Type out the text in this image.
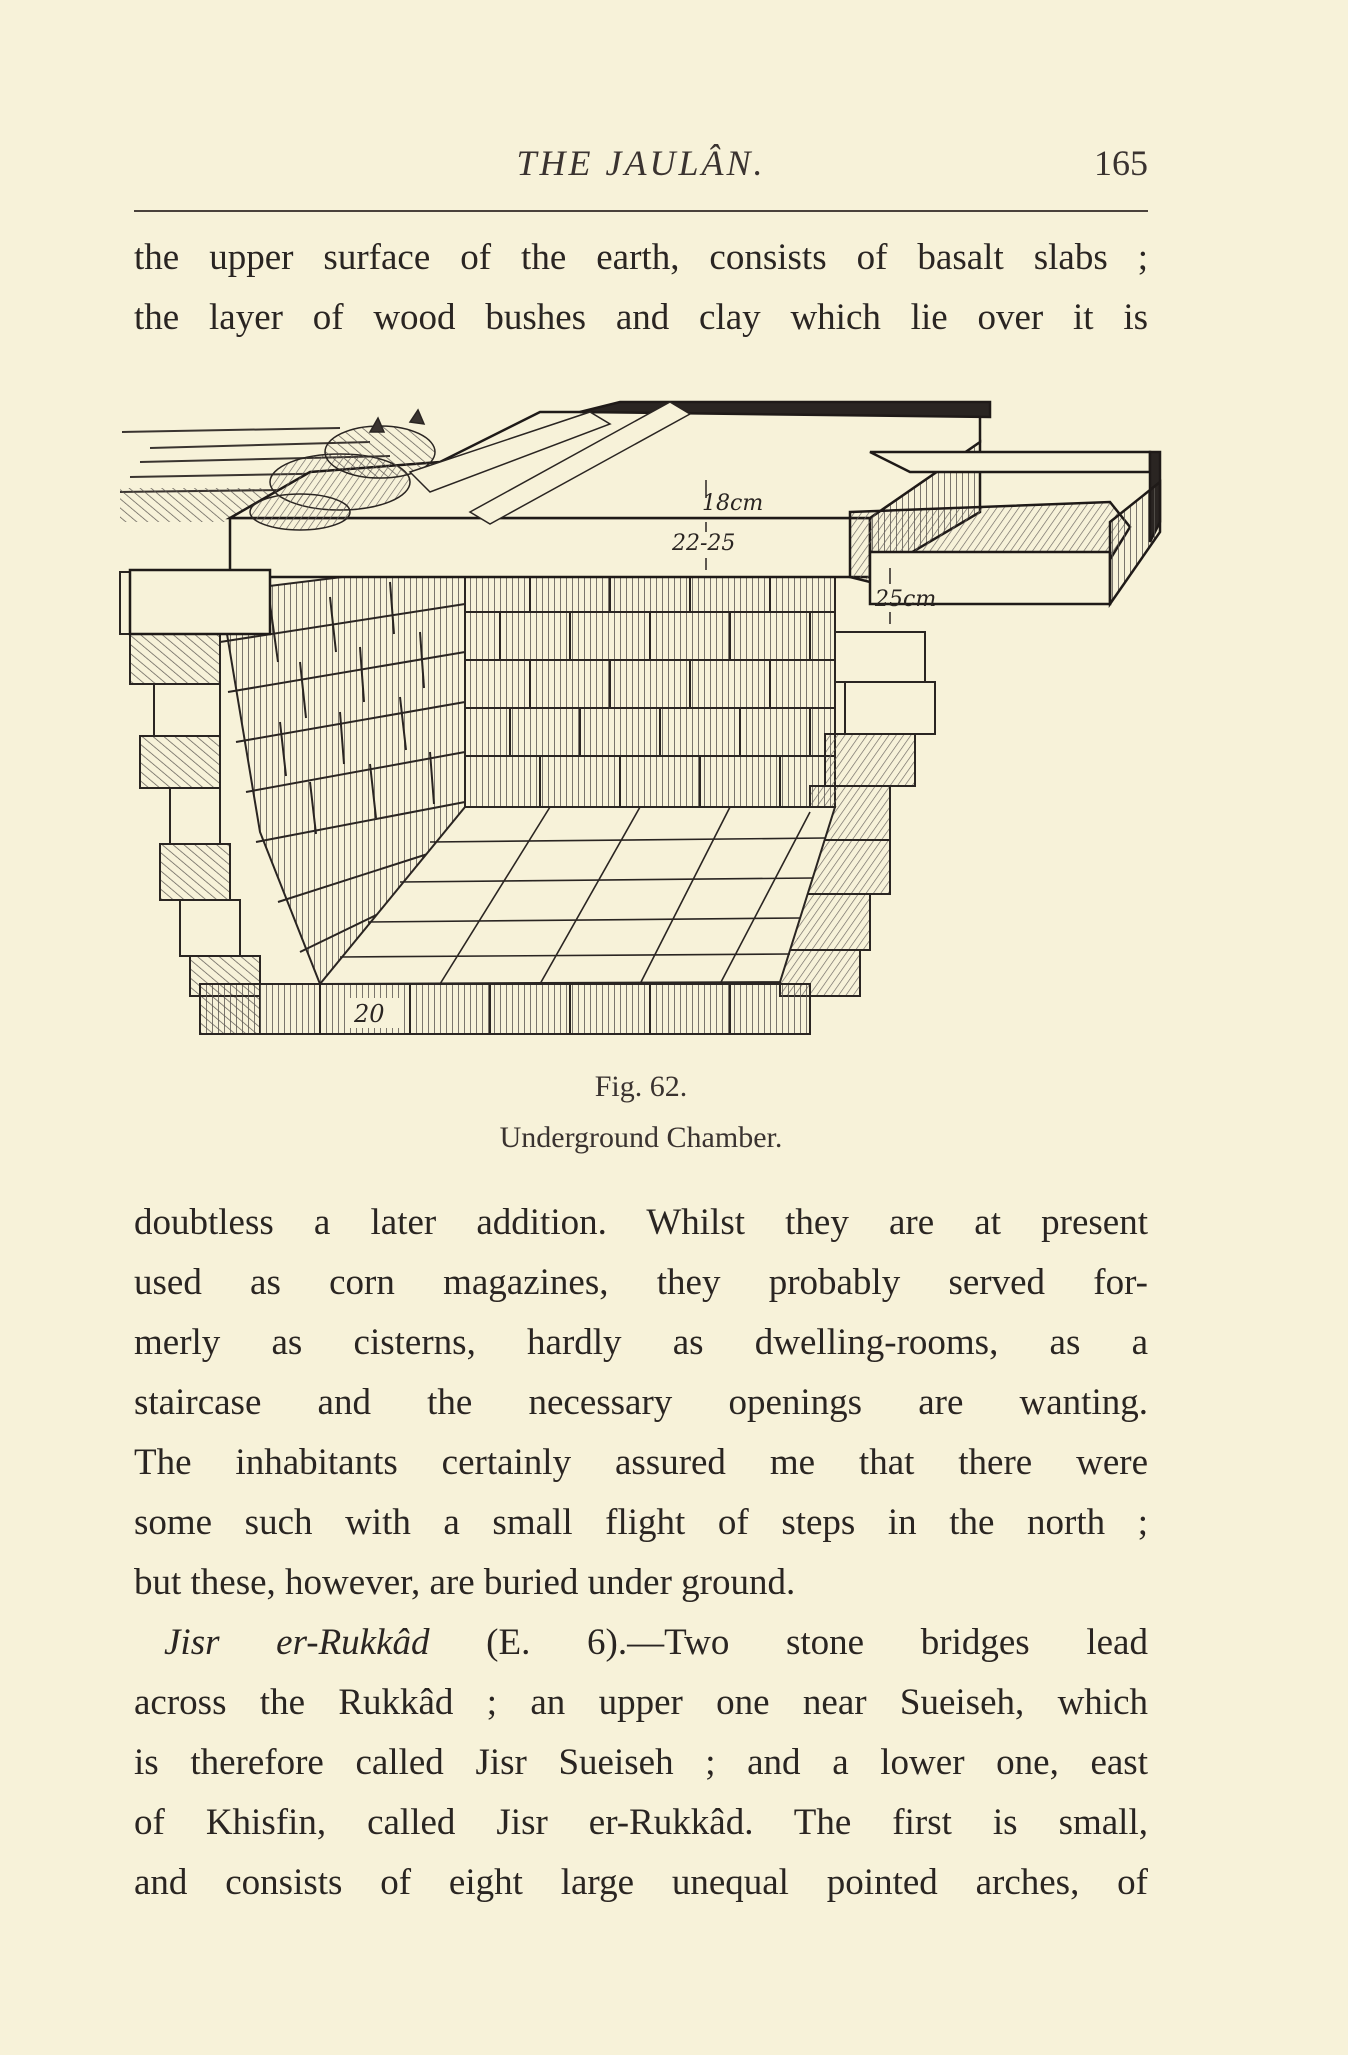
THE JAULÂN.	165
the upper surface of the earth, consists of basalt slabs ;
the layer of wood bushes and clay which lie over it is
20
18cm
22-25
25cm
Fig. 62.
Underground Chamber.
doubtless a later addition. Whilst they are at present
used as corn magazines, they probably served for-
merly as cisterns, hardly as dwelling-rooms, as a
staircase and the necessary openings are wanting.
The inhabitants certainly assured me that there were
some such with a small flight of steps in the north ;
but these, however, are buried under ground.
Jisr er-Rukkâd (E. 6).—Two stone bridges lead
across the Rukkâd ; an upper one near Sueiseh, which
is therefore called Jisr Sueiseh ; and a lower one, east
of Khisfin, called Jisr er-Rukkâd. The first is small,
and consists of eight large unequal pointed arches, of
